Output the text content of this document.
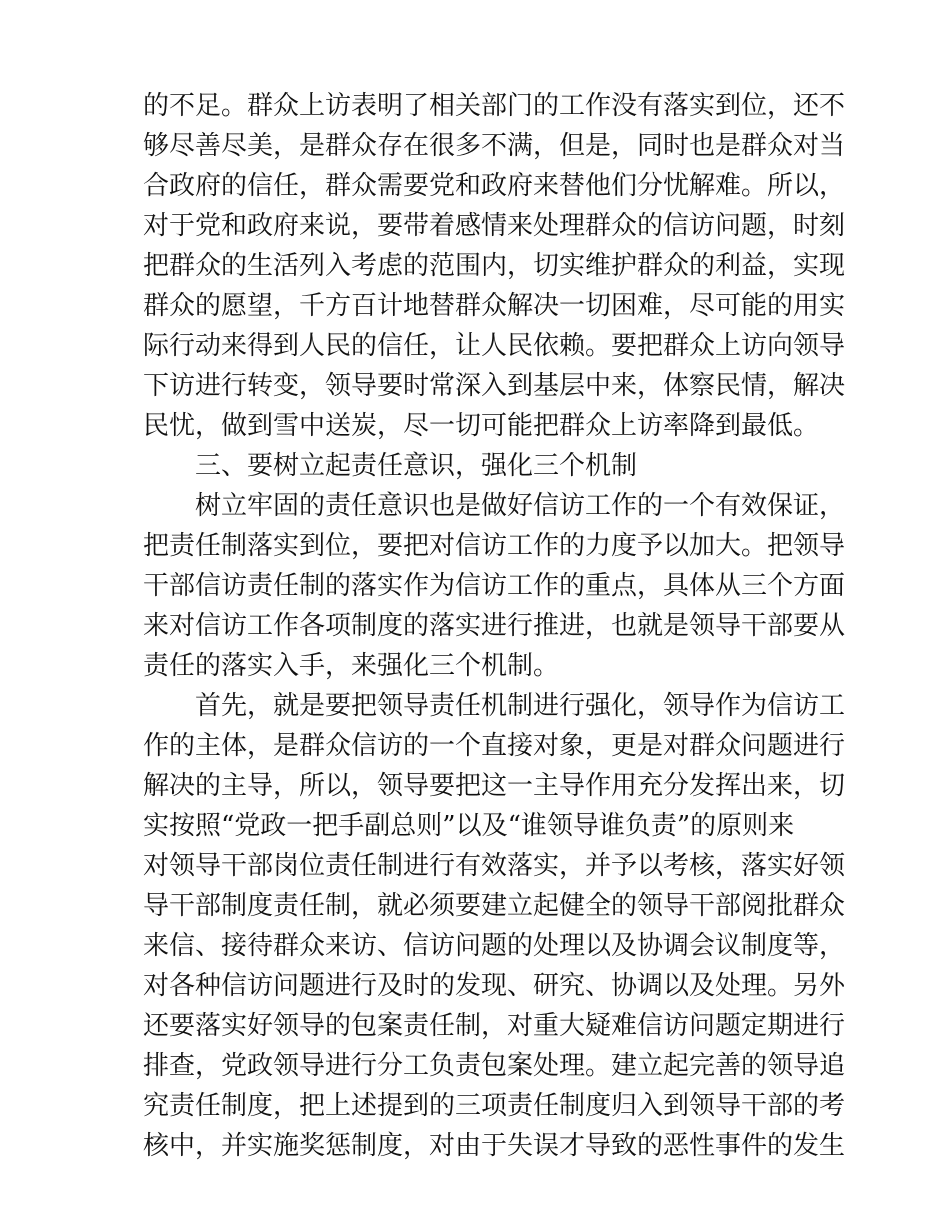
的不足。群众上访表明了相关部门的工作没有落实到位，还不
够尽善尽美，是群众存在很多不满，但是，同时也是群众对当
合政府的信任，群众需要党和政府来替他们分忧解难。所以，
对于党和政府来说，要带着感情来处理群众的信访问题，时刻
把群众的生活列入考虑的范围内，切实维护群众的利益，实现
群众的愿望，千方百计地替群众解决一切困难，尽可能的用实
际行动来得到人民的信任，让人民依赖。要把群众上访向领导
下访进行转变，领导要时常深入到基层中来，体察民情，解决
民忧，做到雪中送炭，尽一切可能把群众上访率降到最低。
三、要树立起责任意识，强化三个机制
树立牢固的责任意识也是做好信访工作的一个有效保证，
把责任制落实到位，要把对信访工作的力度予以加大。把领导
干部信访责任制的落实作为信访工作的重点，具体从三个方面
来对信访工作各项制度的落实进行推进，也就是领导干部要从
责任的落实入手，来强化三个机制。
首先，就是要把领导责任机制进行强化，领导作为信访工
作的主体，是群众信访的一个直接对象，更是对群众问题进行
解决的主导，所以，领导要把这一主导作用充分发挥出来，切
实按照“党政一把手副总则”以及“谁领导谁负责”的原则来
对领导干部岗位责任制进行有效落实，并予以考核，落实好领
导干部制度责任制，就必须要建立起健全的领导干部阅批群众
来信、接待群众来访、信访问题的处理以及协调会议制度等，
对各种信访问题进行及时的发现、研究、协调以及处理。另外
还要落实好领导的包案责任制，对重大疑难信访问题定期进行
排查，党政领导进行分工负责包案处理。建立起完善的领导追
究责任制度，把上述提到的三项责任制度归入到领导干部的考
核中，并实施奖惩制度，对由于失误才导致的恶性事件的发生
